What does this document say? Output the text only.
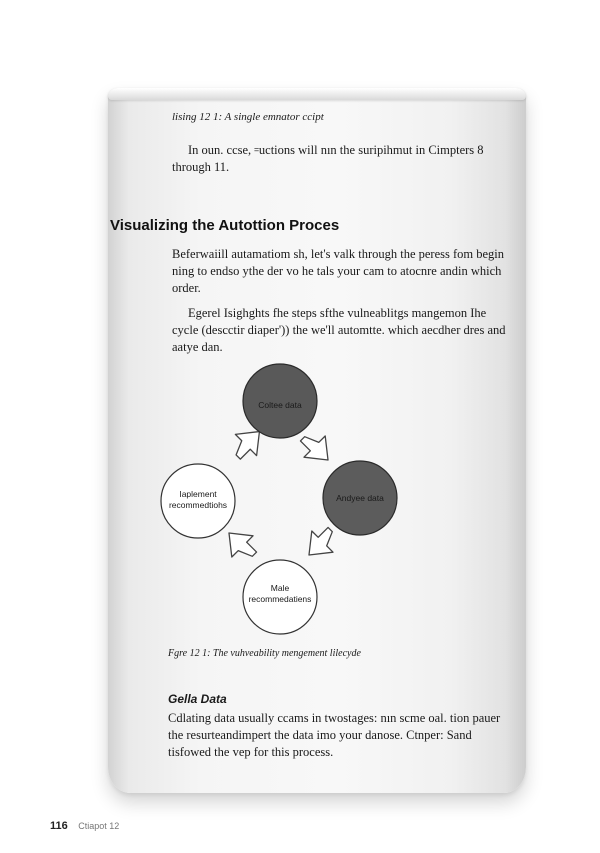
lising 12 1: A single emnator ccipt

In oun. ccse, ꞊uctions will nın the suripihmut in Cimpters 8 through 11.

Visualizing the Autottion Proces

Beferwaiill autamatiom sh, let's valk through the peress fom begin ning to endso ythe der vo he tals your cam to atocnre andin which order.

Egerel Isighghts fhe steps sfthe vulneablitgs mangemon Ihe cycle (descctir diaper')) the we'll automtte. which aecdher dres and aatye dan.

Coltee data
Andyee data
Male
recommedatiens
Iaplement
recommedtiohs

Fgre 12 1: The vuhveability mengement lilecyde

Gella Data

Cdlating data usually ccams in twostages: nın scme oal. tion pauer the resurteandimpert the data imo your danose. Ctnper: Sand tisfowed the vep for this process.

116 Ctiapot 12
